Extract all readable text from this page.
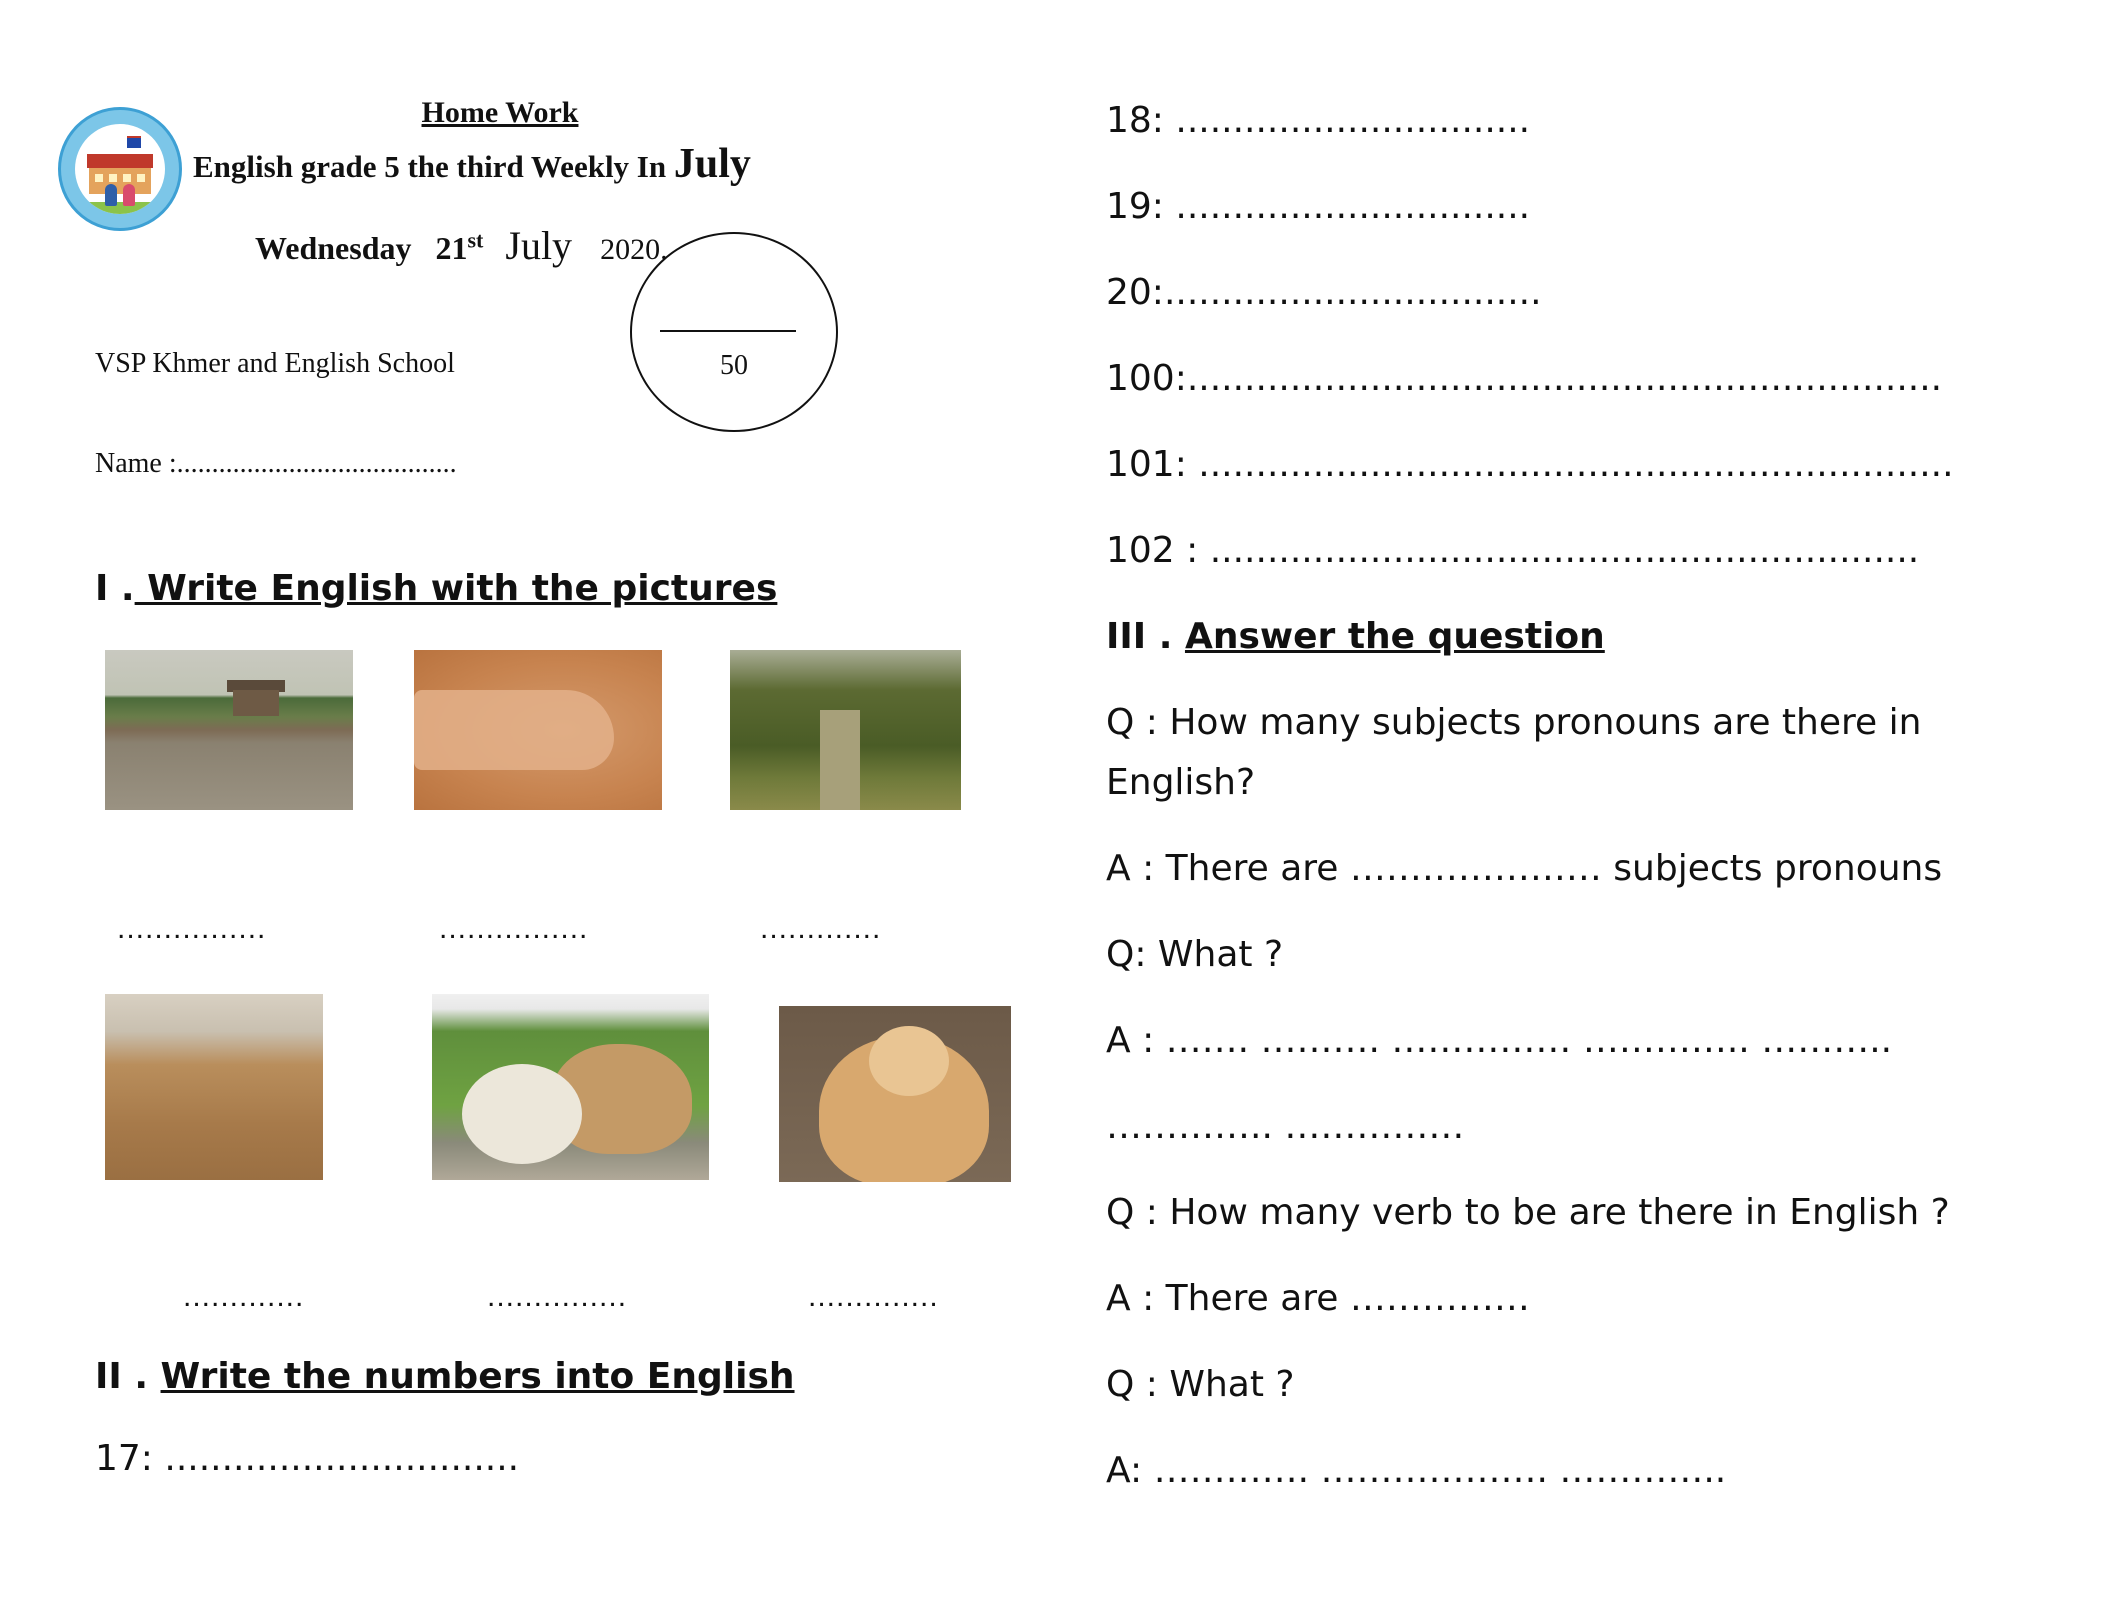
Home Work
English grade 5 the third Weekly In July
Wednesday 21st July 2020.
50
VSP Khmer and English School
Name :........................................
I . Write English with the pictures
................	................	.............
.............	...............	..............
II . Write the numbers into English
17: ...............................
18: ...............................
19: ...............................
20:.................................
100:..................................................................
101: ..................................................................
102 : ..............................................................
III . Answer the question
Q : How many subjects pronouns are there in
English?
A : There are ………………… subjects pronouns
Q: What ?
A : ……. ………. …………… ………….. ………..
………….. ……………
Q : How many verb to be are there in English ?
A : There are ……………
Q : What ?
A: …………. ………………. …………..
